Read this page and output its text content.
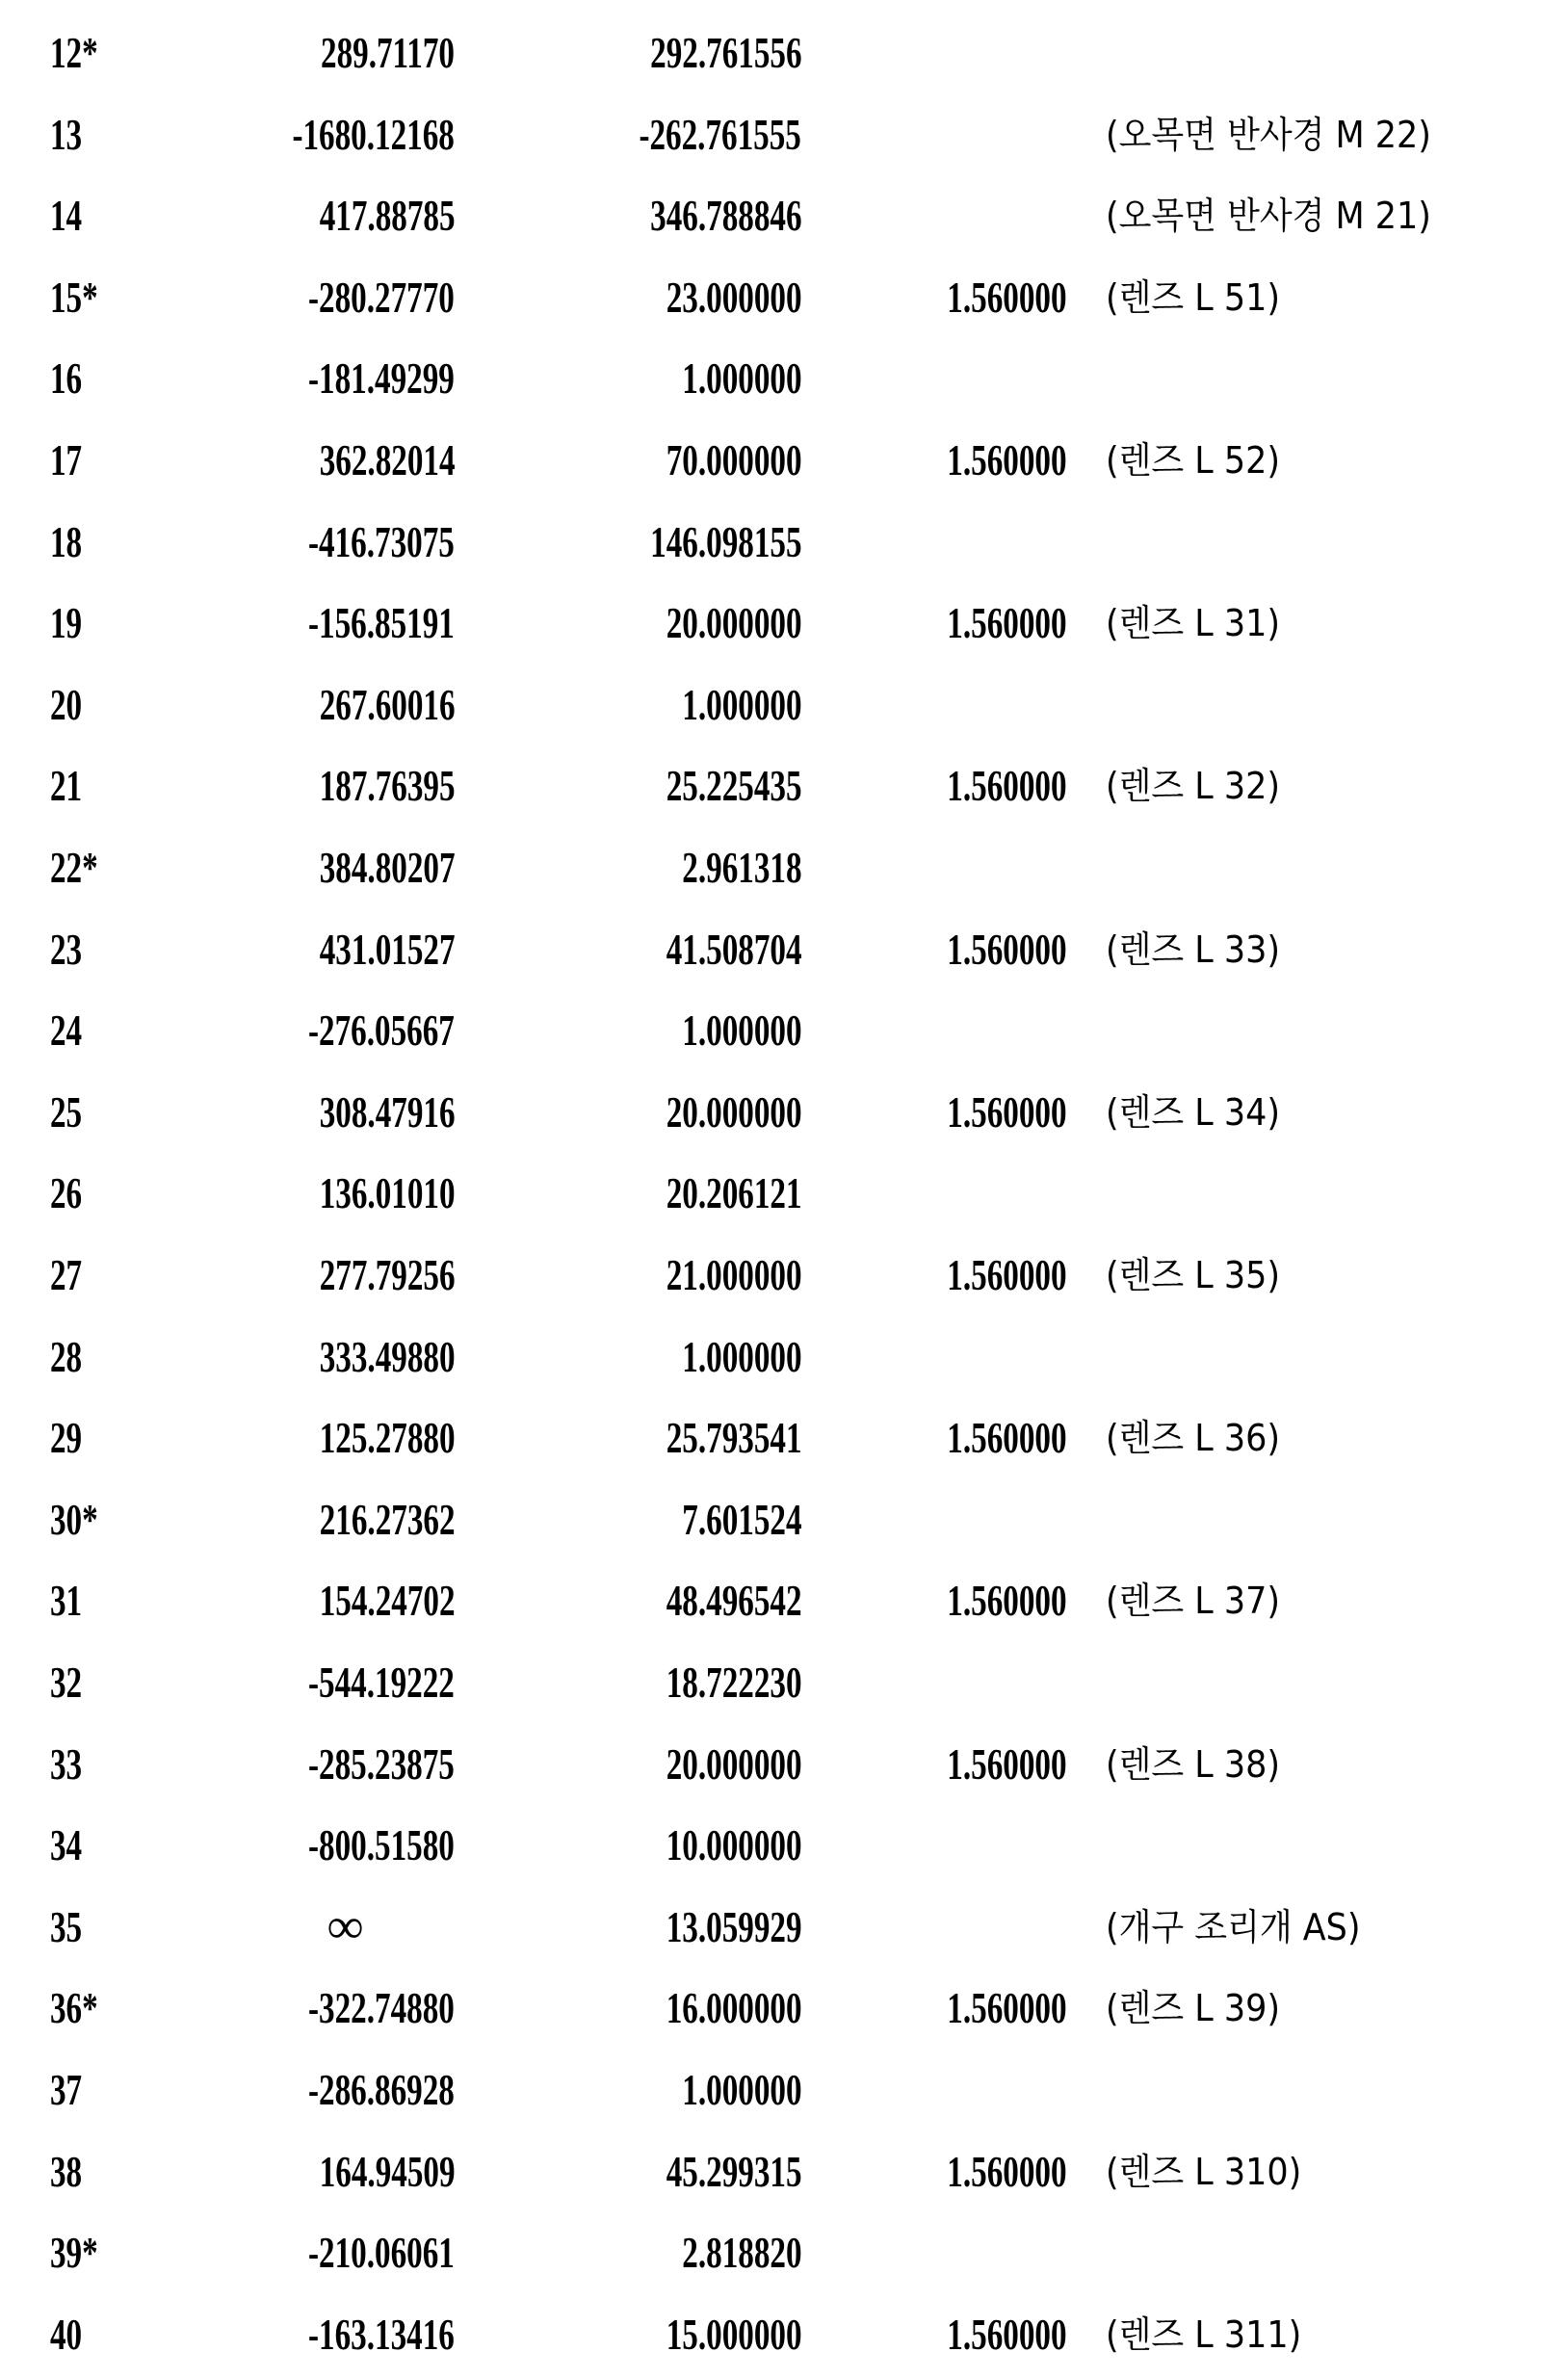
12*	289.71170	292.761556
13	-1680.12168	-262.761555	(오목면 반사경 M 22)
14	417.88785	346.788846	(오목면 반사경 M 21)
15*	-280.27770	23.000000	1.560000 (렌즈 L 51)
16	-181.49299	1.000000
17	362.82014	70.000000	1.560000 (렌즈 L 52)
18	-416.73075	146.098155
19	-156.85191	20.000000	1.560000 (렌즈 L 31)
20	267.60016	1.000000
21	187.76395	25.225435	1.560000 (렌즈 L 32)
22*	384.80207	2.961318
23	431.01527	41.508704	1.560000 (렌즈 L 33)
24	-276.05667	1.000000
25	308.47916	20.000000	1.560000 (렌즈 L 34)
26	136.01010	20.206121
27	277.79256	21.000000	1.560000 (렌즈 L 35)
28	333.49880	1.000000
29	125.27880	25.793541	1.560000 (렌즈 L 36)
30*	216.27362	7.601524
31	154.24702	48.496542	1.560000 (렌즈 L 37)
32	-544.19222	18.722230
33	-285.23875	20.000000	1.560000 (렌즈 L 38)
34	-800.51580	10.000000
35	∞	13.059929	(개구 조리개 AS)
36*	-322.74880	16.000000	1.560000 (렌즈 L 39)
37	-286.86928	1.000000
38	164.94509	45.299315	1.560000 (렌즈 L 310)
39*	-210.06061	2.818820
40	-163.13416	15.000000	1.560000 (렌즈 L 311)
